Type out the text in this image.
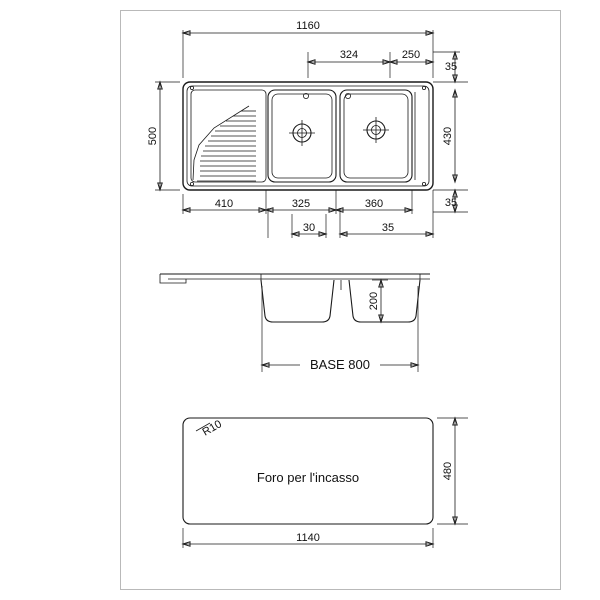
1160
324	250
500
35
430
35
410	325	360
30	35
200
BASE 800
R10
Foro per l'incasso
1140
480
